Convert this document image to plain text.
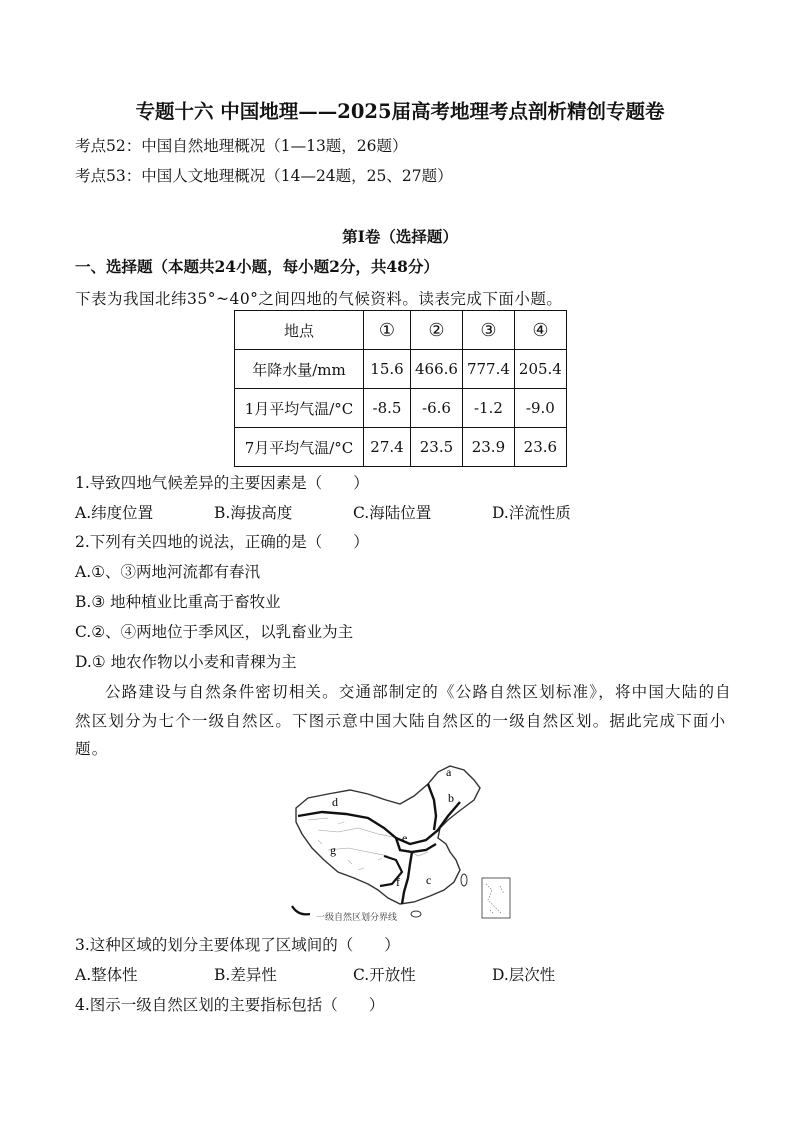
专题十六 中国地理——2025届高考地理考点剖析精创专题卷
考点52：中国自然地理概况（1—13题，26题）
考点53：中国人文地理概况（14—24题，25、27题）
第Ⅰ卷（选择题）
一、选择题（本题共24小题，每小题2分，共48分）
下表为我国北纬35°~40°之间四地的气候资料。读表完成下面小题。
地点	①	②	③	④
年降水量/mm	15.6	466.6	777.4	205.4
1月平均气温/°C	-8.5	-6.6	-1.2	-9.0
7月平均气温/°C	27.4	23.5	23.9	23.6
1.导致四地气候差异的主要因素是（　　）
A.纬度位置	B.海拔高度	C.海陆位置	D.洋流性质
2.下列有关四地的说法，正确的是（　　）
A.①、③两地河流都有春汛
B.③ 地种植业比重高于畜牧业
C.②、④两地位于季风区，以乳畜业为主
D.① 地农作物以小麦和青稞为主
公路建设与自然条件密切相关。交通部制定的《公路自然区划标准》，将中国大陆的自
然区划分为七个一级自然区。下图示意中国大陆自然区的一级自然区划。据此完成下面小
题。
a
b
c
d
e
f
g
一级自然区划分界线
3.这种区域的划分主要体现了区域间的（　　）
A.整体性	B.差异性	C.开放性	D.层次性
4.图示一级自然区划的主要指标包括（　　）
